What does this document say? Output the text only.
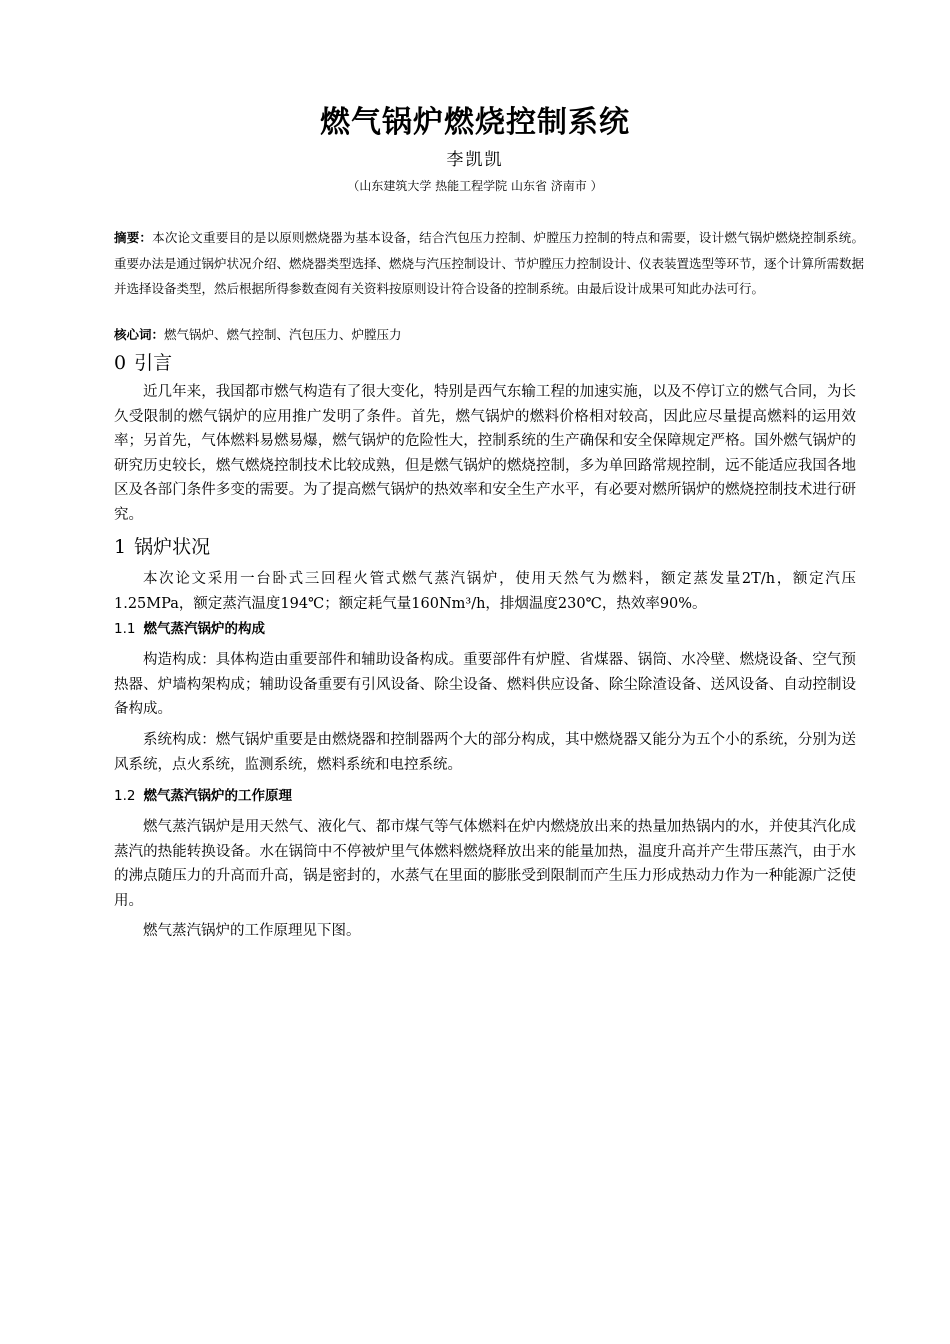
燃气锅炉燃烧控制系统
李凯凯
（山东建筑大学 热能工程学院 山东省 济南市 ）
摘要：本次论文重要目的是以原则燃烧器为基本设备，结合汽包压力控制、炉膛压力控制的特点和需要，设计燃气锅炉燃烧控制系统。重要办法是通过锅炉状况介绍、燃烧器类型选择、燃烧与汽压控制设计、节炉膛压力控制设计、仪表装置选型等环节，逐个计算所需数据并选择设备类型，然后根据所得参数查阅有关资料按原则设计符合设备的控制系统。由最后设计成果可知此办法可行。
核心词：燃气锅炉、燃气控制、汽包压力、炉膛压力
0 引言

近几年来，我国都市燃气构造有了很大变化，特别是西气东输工程的加速实施，以及不停订立的燃气合同，为长久受限制的燃气锅炉的应用推广发明了条件。首先，燃气锅炉的燃料价格相对较高，因此应尽量提高燃料的运用效率；另首先，气体燃料易燃易爆，燃气锅炉的危险性大，控制系统的生产确保和安全保障规定严格。国外燃气锅炉的研究历史较长，燃气燃烧控制技术比较成熟，但是燃气锅炉的燃烧控制，多为单回路常规控制，远不能适应我国各地区及各部门条件多变的需要。为了提高燃气锅炉的热效率和安全生产水平，有必要对燃所锅炉的燃烧控制技术进行研究。

1 锅炉状况

本次论文采用一台卧式三回程火管式燃气蒸汽锅炉，使用天然气为燃料，额定蒸发量2T/h，额定汽压1.25MPa，额定蒸汽温度194℃；额定耗气量160Nm³/h，排烟温度230℃，热效率90%。

1.1 燃气蒸汽锅炉的构成

构造构成：具体构造由重要部件和辅助设备构成。重要部件有炉膛、省煤器、锅筒、水冷壁、燃烧设备、空气预热器、炉墙构架构成；辅助设备重要有引风设备、除尘设备、燃料供应设备、除尘除渣设备、送风设备、自动控制设备构成。

系统构成：燃气锅炉重要是由燃烧器和控制器两个大的部分构成，其中燃烧器又能分为五个小的系统，分别为送风系统，点火系统，监测系统，燃料系统和电控系统。

1.2 燃气蒸汽锅炉的工作原理

燃气蒸汽锅炉是用天然气、液化气、都市煤气等气体燃料在炉内燃烧放出来的热量加热锅内的水，并使其汽化成蒸汽的热能转换设备。水在锅筒中不停被炉里气体燃料燃烧释放出来的能量加热，温度升高并产生带压蒸汽，由于水的沸点随压力的升高而升高，锅是密封的，水蒸气在里面的膨胀受到限制而产生压力形成热动力作为一种能源广泛使用。

燃气蒸汽锅炉的工作原理见下图。
